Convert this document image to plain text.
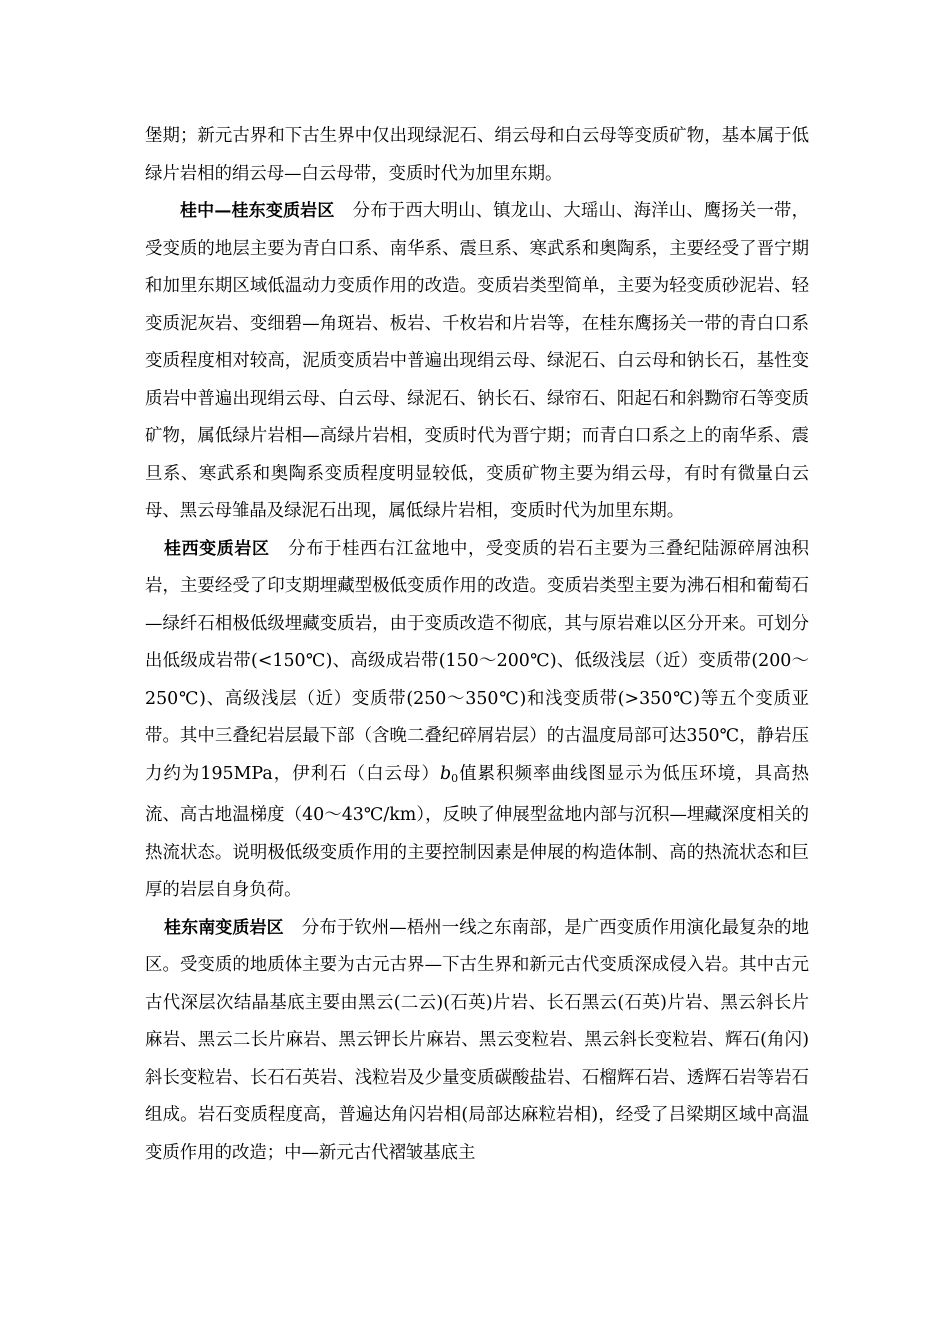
堡期；新元古界和下古生界中仅出现绿泥石、绢云母和白云母等变质矿物，基本属于低绿片岩相的绢云母—白云母带，变质时代为加里东期。

桂中—桂东变质岩区 分布于西大明山、镇龙山、大瑶山、海洋山、鹰扬关一带，受变质的地层主要为青白口系、南华系、震旦系、寒武系和奥陶系，主要经受了晋宁期和加里东期区域低温动力变质作用的改造。变质岩类型简单，主要为轻变质砂泥岩、轻变质泥灰岩、变细碧—角斑岩、板岩、千枚岩和片岩等，在桂东鹰扬关一带的青白口系变质程度相对较高，泥质变质岩中普遍出现绢云母、绿泥石、白云母和钠长石，基性变质岩中普遍出现绢云母、白云母、绿泥石、钠长石、绿帘石、阳起石和斜黝帘石等变质矿物，属低绿片岩相—高绿片岩相，变质时代为晋宁期；而青白口系之上的南华系、震旦系、寒武系和奥陶系变质程度明显较低，变质矿物主要为绢云母，有时有微量白云母、黑云母雏晶及绿泥石出现，属低绿片岩相，变质时代为加里东期。

桂西变质岩区 分布于桂西右江盆地中，受变质的岩石主要为三叠纪陆源碎屑浊积岩，主要经受了印支期埋藏型极低变质作用的改造。变质岩类型主要为沸石相和葡萄石—绿纤石相极低级埋藏变质岩，由于变质改造不彻底，其与原岩难以区分开来。可划分出低级成岩带(<150℃)、高级成岩带(150～200℃)、低级浅层（近）变质带(200～250℃)、高级浅层（近）变质带(250～350℃)和浅变质带(>350℃)等五个变质亚带。其中三叠纪岩层最下部（含晚二叠纪碎屑岩层）的古温度局部可达350℃，静岩压力约为195MPa，伊利石（白云母）b0值累积频率曲线图显示为低压环境，具高热流、高古地温梯度（40～43℃/km），反映了伸展型盆地内部与沉积—埋藏深度相关的热流状态。说明极低级变质作用的主要控制因素是伸展的构造体制、高的热流状态和巨厚的岩层自身负荷。

桂东南变质岩区 分布于钦州—梧州一线之东南部，是广西变质作用演化最复杂的地区。受变质的地质体主要为古元古界—下古生界和新元古代变质深成侵入岩。其中古元古代深层次结晶基底主要由黑云(二云)(石英)片岩、长石黑云(石英)片岩、黑云斜长片麻岩、黑云二长片麻岩、黑云钾长片麻岩、黑云变粒岩、黑云斜长变粒岩、辉石(角闪)斜长变粒岩、长石石英岩、浅粒岩及少量变质碳酸盐岩、石榴辉石岩、透辉石岩等岩石组成。岩石变质程度高，普遍达角闪岩相(局部达麻粒岩相)，经受了吕梁期区域中高温变质作用的改造；中—新元古代褶皱基底主
